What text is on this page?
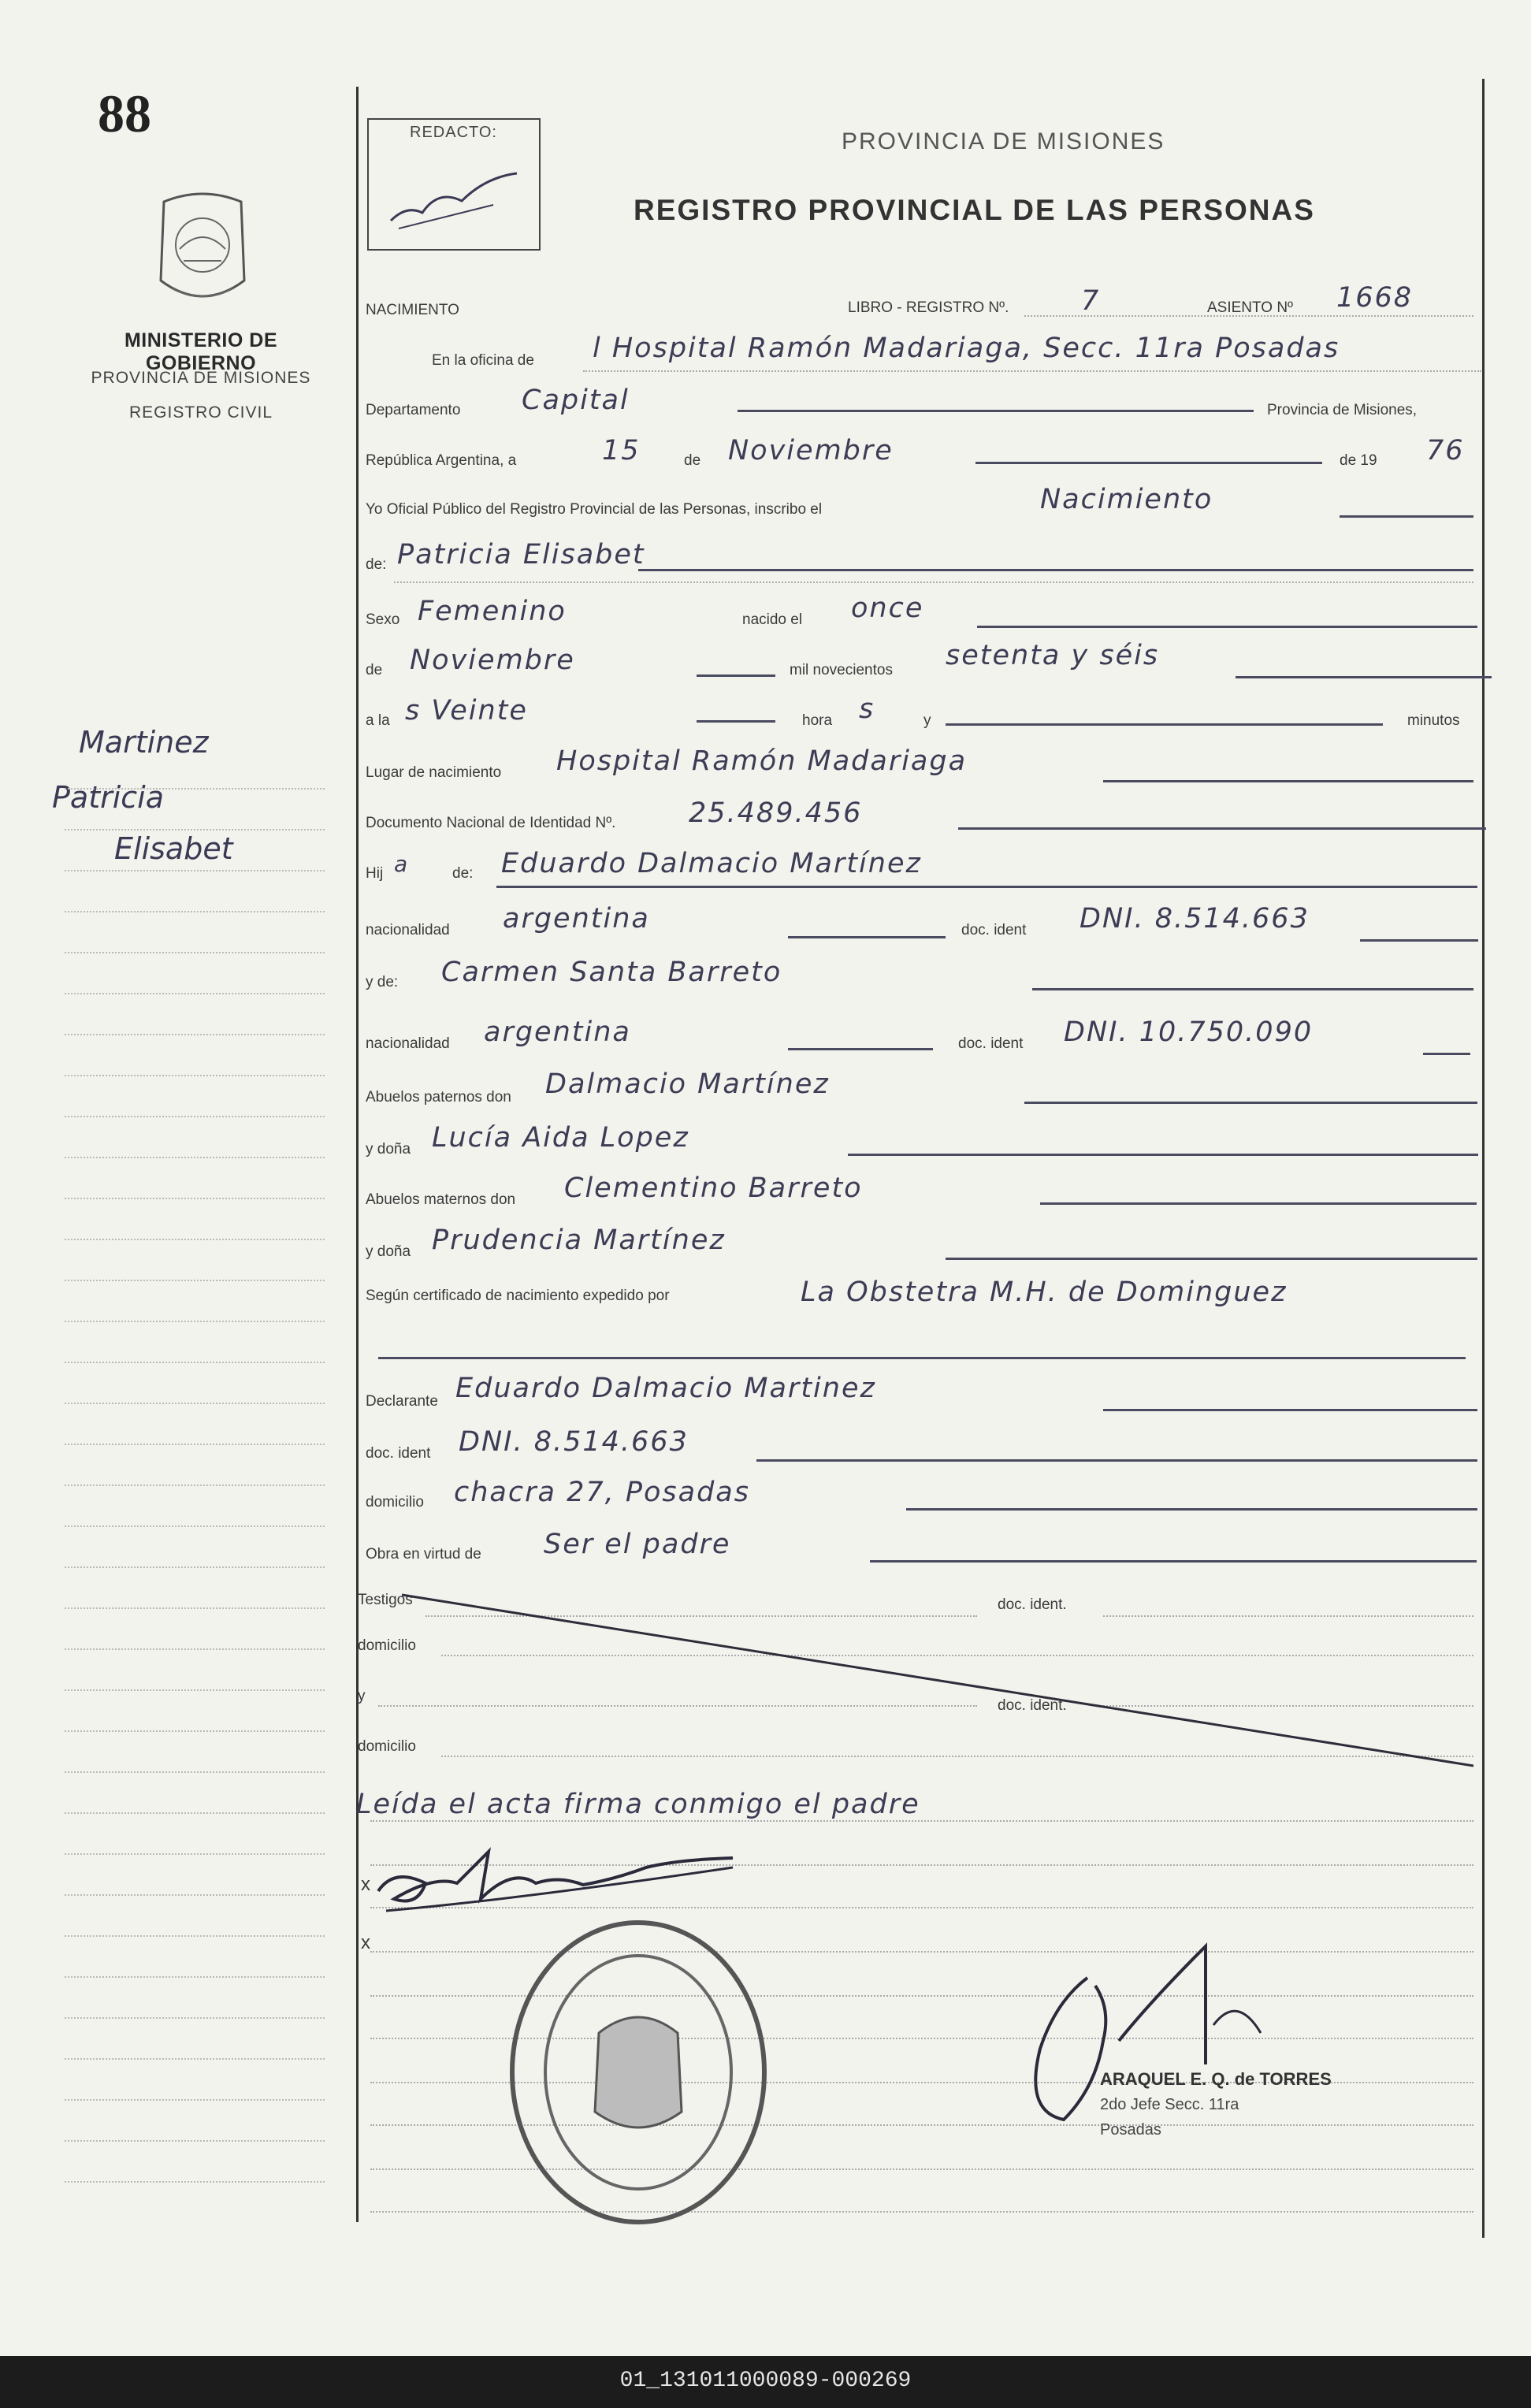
88
MINISTERIO DE GOBIERNO
PROVINCIA DE MISIONES
REGISTRO CIVIL
Martinez
Patricia
Elisabet
REDACTO:	PROVINCIA DE MISIONES
REGISTRO PROVINCIAL DE LAS PERSONAS
NACIMIENTO	LIBRO - REGISTRO Nº.	7	ASIENTO Nº 1668
En la oficina de l Hospital Ramón Madariaga, Secc. 11ra Posadas
Departamento Capital	Provincia de Misiones,
República Argentina, a	15	de Noviembre	de 19 76
Yo Oficial Público del Registro Provincial de las Personas, inscribo el	Nacimiento
de: Patricia Elisabet
Sexo Femenino	nacido el once
de Noviembre	mil novecientos setenta y séis
a la s Veinte	hora s	y	minutos
Lugar de nacimiento Hospital Ramón Madariaga
Documento Nacional de Identidad Nº.	25.489.456
Hij a	de: Eduardo Dalmacio Martínez
nacionalidad argentina	doc. ident DNI. 8.514.663
y de: Carmen Santa Barreto
nacionalidad argentina	doc. ident DNI. 10.750.090
Abuelos paternos don Dalmacio Martínez
y doña Lucía Aida Lopez
Abuelos maternos don Clementino Barreto
y doña Prudencia Martínez
Según certificado de nacimiento expedido por	La Obstetra M.H. de Dominguez
Declarante Eduardo Dalmacio Martinez
doc. ident DNI. 8.514.663
domicilio chacra 27, Posadas
Obra en virtud de Ser el padre
Testigos	doc. ident.
domicilio
y
doc. ident.
domicilio
Leída el acta firma conmigo el padre
x
x
ARAQUEL E. Q. de TORRES
2do Jefe Secc. 11ra
Posadas
01_131011000089-000269
